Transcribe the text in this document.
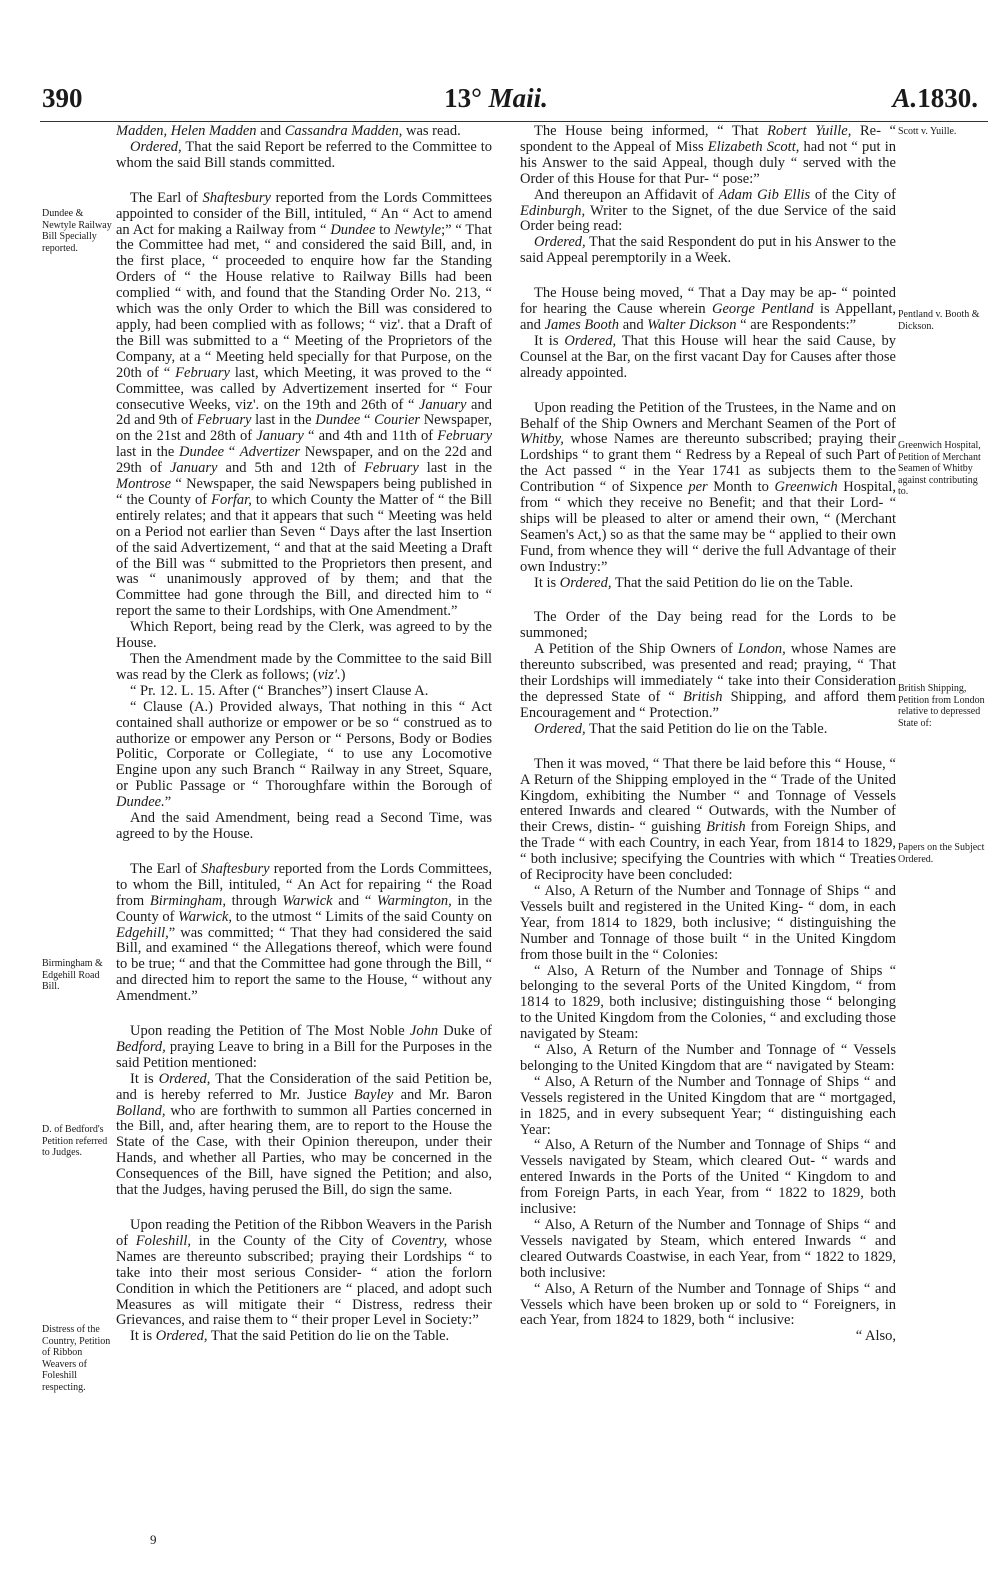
390	13° Maii.	A.1830.

Madden, Helen Madden and Cassandra Madden, was read.

Ordered, That the said Report be referred to the Committee to whom the said Bill stands committed.

The Earl of Shaftesbury reported from the Lords Committees appointed to consider of the Bill, intituled, “ An “ Act to amend an Act for making a Railway from “ Dundee to Newtyle;” “ That the Committee had met, “ and considered the said Bill, and, in the first place, “ proceeded to enquire how far the Standing Orders of “ the House relative to Railway Bills had been complied “ with, and found that the Standing Order No. 213, “ which was the only Order to which the Bill was considered to apply, had been complied with as follows; “ viz'. that a Draft of the Bill was submitted to a “ Meeting of the Proprietors of the Company, at a “ Meeting held specially for that Purpose, on the 20th of “ February last, which Meeting, it was proved to the “ Committee, was called by Advertizement inserted for “ Four consecutive Weeks, viz'. on the 19th and 26th of “ January and 2d and 9th of February last in the Dundee “ Courier Newspaper, on the 21st and 28th of January “ and 4th and 11th of February last in the Dundee “ Advertizer Newspaper, and on the 22d and 29th of January and 5th and 12th of February last in the Montrose “ Newspaper, the said Newspapers being published in “ the County of Forfar, to which County the Matter of “ the Bill entirely relates; and that it appears that such “ Meeting was held on a Period not earlier than Seven “ Days after the last Insertion of the said Advertizement, “ and that at the said Meeting a Draft of the Bill was “ submitted to the Proprietors then present, and was “ unanimously approved of by them; and that the Committee had gone through the Bill, and directed him to “ report the same to their Lordships, with One Amendment.”

Which Report, being read by the Clerk, was agreed to by the House.

Then the Amendment made by the Committee to the said Bill was read by the Clerk as follows; (viz'.)

“ Pr. 12. L. 15. After (“ Branches”) insert Clause A.

“ Clause (A.) Provided always, That nothing in this “ Act contained shall authorize or empower or be so “ construed as to authorize or empower any Person or “ Persons, Body or Bodies Politic, Corporate or Collegiate, “ to use any Locomotive Engine upon any such Branch “ Railway in any Street, Square, or Public Passage or “ Thoroughfare within the Borough of Dundee.”

And the said Amendment, being read a Second Time, was agreed to by the House.

The Earl of Shaftesbury reported from the Lords Committees, to whom the Bill, intituled, “ An Act for repairing “ the Road from Birmingham, through Warwick and “ Warmington, in the County of Warwick, to the utmost “ Limits of the said County on Edgehill,” was committed; “ That they had considered the said Bill, and examined “ the Allegations thereof, which were found to be true; “ and that the Committee had gone through the Bill, “ and directed him to report the same to the House, “ without any Amendment.”

Upon reading the Petition of The Most Noble John Duke of Bedford, praying Leave to bring in a Bill for the Purposes in the said Petition mentioned:

It is Ordered, That the Consideration of the said Petition be, and is hereby referred to Mr. Justice Bayley and Mr. Baron Bolland, who are forthwith to summon all Parties concerned in the Bill, and, after hearing them, are to report to the House the State of the Case, with their Opinion thereupon, under their Hands, and whether all Parties, who may be concerned in the Consequences of the Bill, have signed the Petition; and also, that the Judges, having perused the Bill, do sign the same.

Upon reading the Petition of the Ribbon Weavers in the Parish of Foleshill, in the County of the City of Coventry, whose Names are thereunto subscribed; praying their Lordships “ to take into their most serious Consider- “ ation the forlorn Condition in which the Petitioners are “ placed, and adopt such Measures as will mitigate their “ Distress, redress their Grievances, and raise them to “ their proper Level in Society:”

It is Ordered, That the said Petition do lie on the Table.

The House being informed, “ That Robert Yuille, Re- “ spondent to the Appeal of Miss Elizabeth Scott, had not “ put in his Answer to the said Appeal, though duly “ served with the Order of this House for that Pur- “ pose:”

And thereupon an Affidavit of Adam Gib Ellis of the City of Edinburgh, Writer to the Signet, of the due Service of the said Order being read:

Ordered, That the said Respondent do put in his Answer to the said Appeal peremptorily in a Week.

The House being moved, “ That a Day may be ap- “ pointed for hearing the Cause wherein George Pentland is Appellant, and James Booth and Walter Dickson “ are Respondents:”

It is Ordered, That this House will hear the said Cause, by Counsel at the Bar, on the first vacant Day for Causes after those already appointed.

Upon reading the Petition of the Trustees, in the Name and on Behalf of the Ship Owners and Merchant Seamen of the Port of Whitby, whose Names are thereunto subscribed; praying their Lordships “ to grant them “ Redress by a Repeal of such Part of the Act passed “ in the Year 1741 as subjects them to the Contribution “ of Sixpence per Month to Greenwich Hospital, from “ which they receive no Benefit; and that their Lord- “ ships will be pleased to alter or amend their own, “ (Merchant Seamen's Act,) so as that the same may be “ applied to their own Fund, from whence they will “ derive the full Advantage of their own Industry:”

It is Ordered, That the said Petition do lie on the Table.

The Order of the Day being read for the Lords to be summoned;

A Petition of the Ship Owners of London, whose Names are thereunto subscribed, was presented and read; praying, “ That their Lordships will immediately “ take into their Consideration the depressed State of “ British Shipping, and afford them Encouragement and “ Protection.”

Ordered, That the said Petition do lie on the Table.

Then it was moved, “ That there be laid before this “ House, “ A Return of the Shipping employed in the “ Trade of the United Kingdom, exhibiting the Number “ and Tonnage of Vessels entered Inwards and cleared “ Outwards, with the Number of their Crews, distin- “ guishing British from Foreign Ships, and the Trade “ with each Country, in each Year, from 1814 to 1829, “ both inclusive; specifying the Countries with which “ Treaties of Reciprocity have been concluded:

“ Also, A Return of the Number and Tonnage of Ships “ and Vessels built and registered in the United King- “ dom, in each Year, from 1814 to 1829, both inclusive; “ distinguishing the Number and Tonnage of those built “ in the United Kingdom from those built in the “ Colonies:

“ Also, A Return of the Number and Tonnage of Ships “ belonging to the several Ports of the United Kingdom, “ from 1814 to 1829, both inclusive; distinguishing those “ belonging to the United Kingdom from the Colonies, “ and excluding those navigated by Steam:

“ Also, A Return of the Number and Tonnage of “ Vessels belonging to the United Kingdom that are “ navigated by Steam:

“ Also, A Return of the Number and Tonnage of Ships “ and Vessels registered in the United Kingdom that are “ mortgaged, in 1825, and in every subsequent Year; “ distinguishing each Year:

“ Also, A Return of the Number and Tonnage of Ships “ and Vessels navigated by Steam, which cleared Out- “ wards and entered Inwards in the Ports of the United “ Kingdom to and from Foreign Parts, in each Year, from “ 1822 to 1829, both inclusive:

“ Also, A Return of the Number and Tonnage of Ships “ and Vessels navigated by Steam, which entered Inwards “ and cleared Outwards Coastwise, in each Year, from “ 1822 to 1829, both inclusive:

“ Also, A Return of the Number and Tonnage of Ships “ and Vessels which have been broken up or sold to “ Foreigners, in each Year, from 1824 to 1829, both “ inclusive:

“ Also,

Dundee & Newtyle Railway Bill Specially reported.
Birmingham & Edgehill Road Bill.
D. of Bedford's Petition referred to Judges.
Distress of the Country, Petition of Ribbon Weavers of Foleshill respecting.
Scott v. Yuille.
Pentland v. Booth & Dickson.
Greenwich Hospital, Petition of Merchant Seamen of Whitby against contributing to.
British Shipping, Petition from London relative to depressed State of:
Papers on the Subject Ordered.
9
